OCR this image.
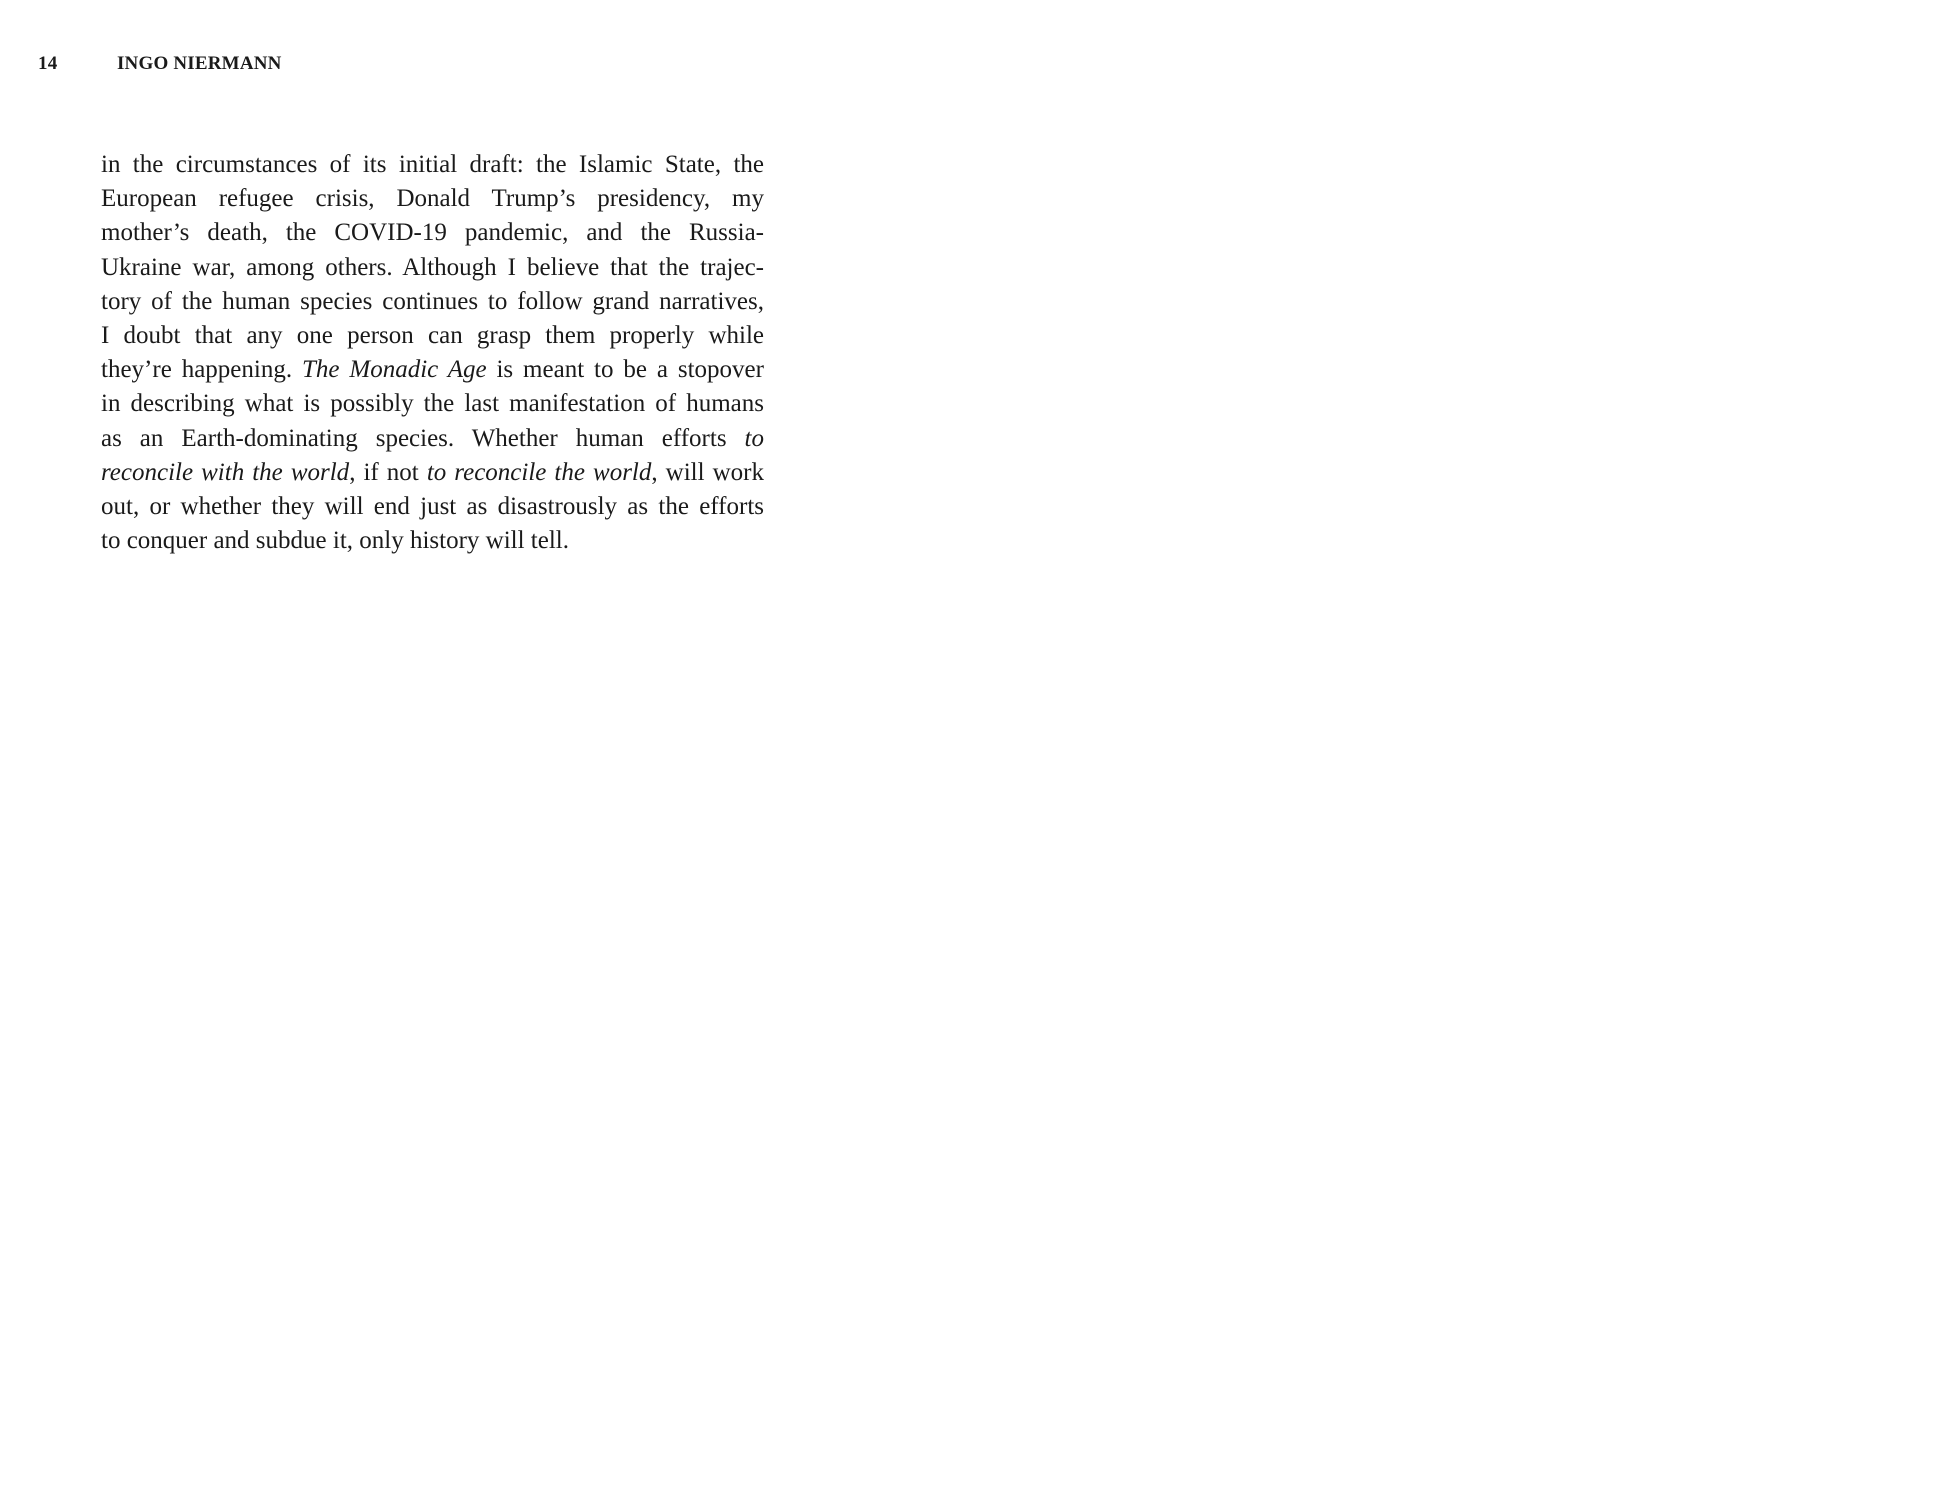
14	INGO NIERMANN
in the circumstances of its initial draft: the Islamic State, the
European refugee crisis, Donald Trump’s presidency, my
mother’s death, the COVID-19 pandemic, and the Russia-
Ukraine war, among others. Although I believe that the trajec-
tory of the human species continues to follow grand narratives,
I doubt that any one person can grasp them properly while
they’re happening. The Monadic Age is meant to be a stopover
in describing what is possibly the last manifestation of humans
as an Earth-dominating species. Whether human efforts to
reconcile with the world, if not to reconcile the world, will work
out, or whether they will end just as disastrously as the efforts
to conquer and subdue it, only history will tell.
